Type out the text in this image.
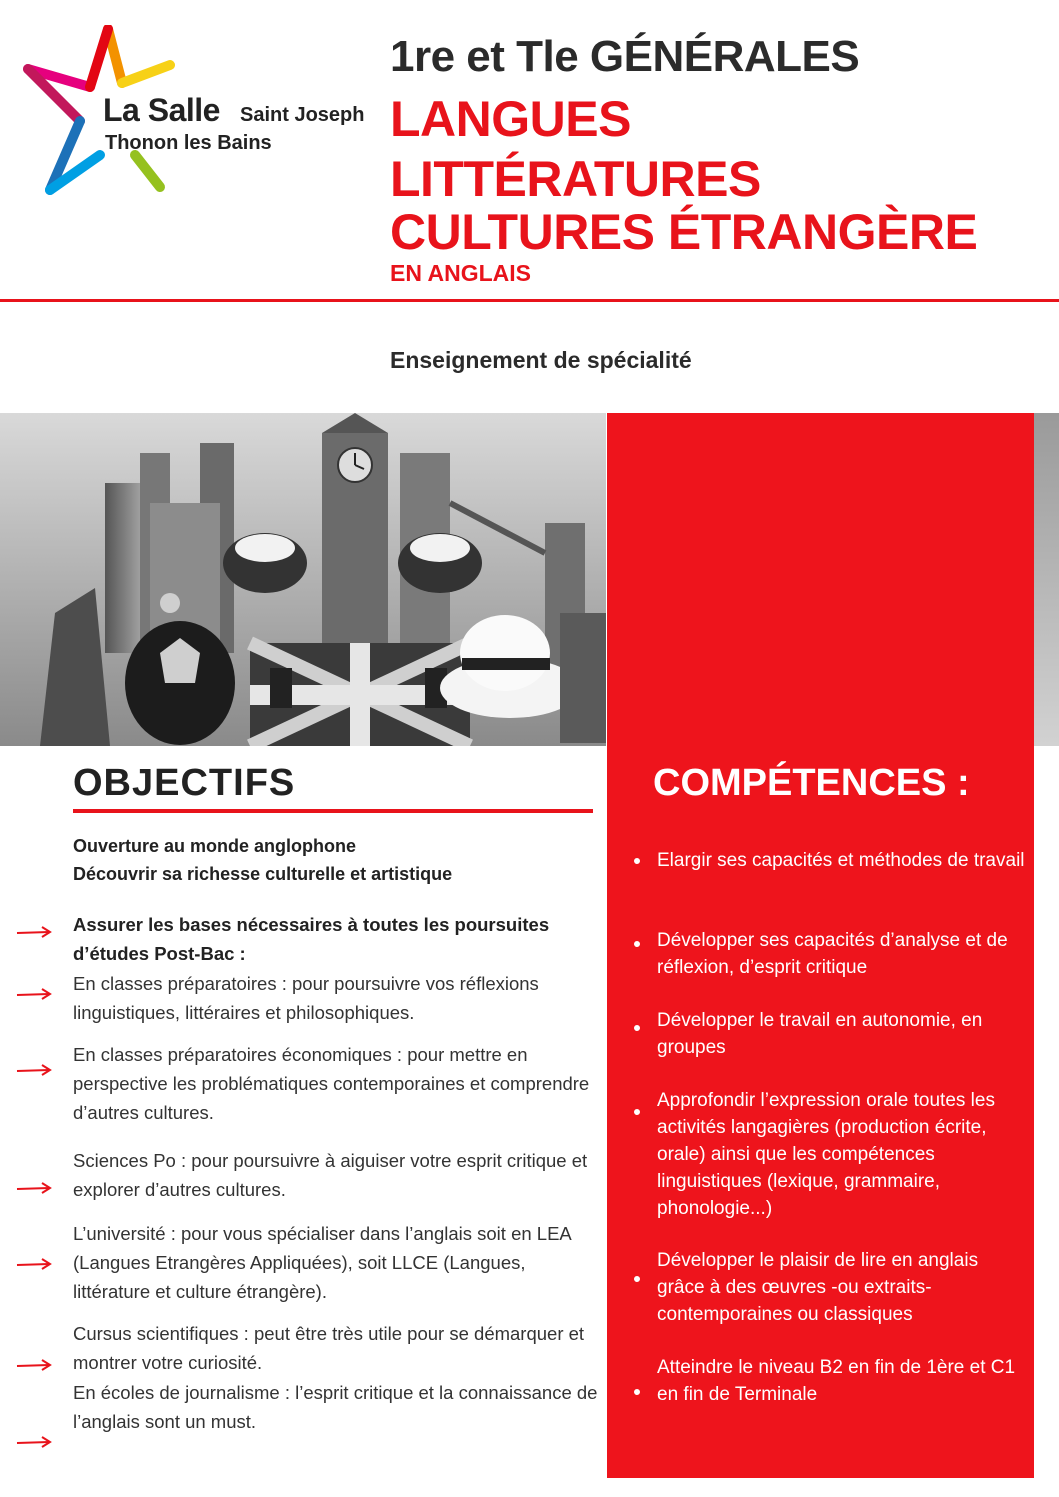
La Salle Saint Joseph
Thonon les Bains
1re et Tle GÉNÉRALES
LANGUES
LITTÉRATURES
CULTURES ÉTRANGÈRE
EN ANGLAIS
Enseignement de spécialité
COMPÉTENCES :
Elargir ses capacités et méthodes de travail
Développer ses capacités d’analyse et de réflexion, d’esprit critique
Développer le travail en autonomie, en groupes
Approfondir l’expression orale toutes les activités langagières (production écrite, orale) ainsi que les compétences linguistiques (lexique, grammaire, phonologie...)
Développer le plaisir de lire en anglais grâce à des œuvres -ou extraits- contemporaines ou classiques
Atteindre le niveau B2 en fin de 1ère et C1 en fin de Terminale
OBJECTIFS
Ouverture au monde anglophone
Découvrir sa richesse culturelle et artistique
Assurer les bases nécessaires à toutes les poursuites d’études Post-Bac :
En classes préparatoires : pour poursuivre vos réflexions linguistiques, littéraires et philosophiques.
En classes préparatoires économiques : pour mettre en perspective les problématiques contemporaines et comprendre d’autres cultures.
Sciences Po : pour poursuivre à aiguiser votre esprit critique et explorer d’autres cultures.
L’université : pour vous spécialiser dans l’anglais soit en LEA (Langues Etrangères Appliquées), soit LLCE (Langues, littérature et culture étrangère).
Cursus scientifiques : peut être très utile pour se démarquer et montrer votre curiosité.
En écoles de journalisme : l’esprit critique et la connaissance de l’anglais sont un must.
